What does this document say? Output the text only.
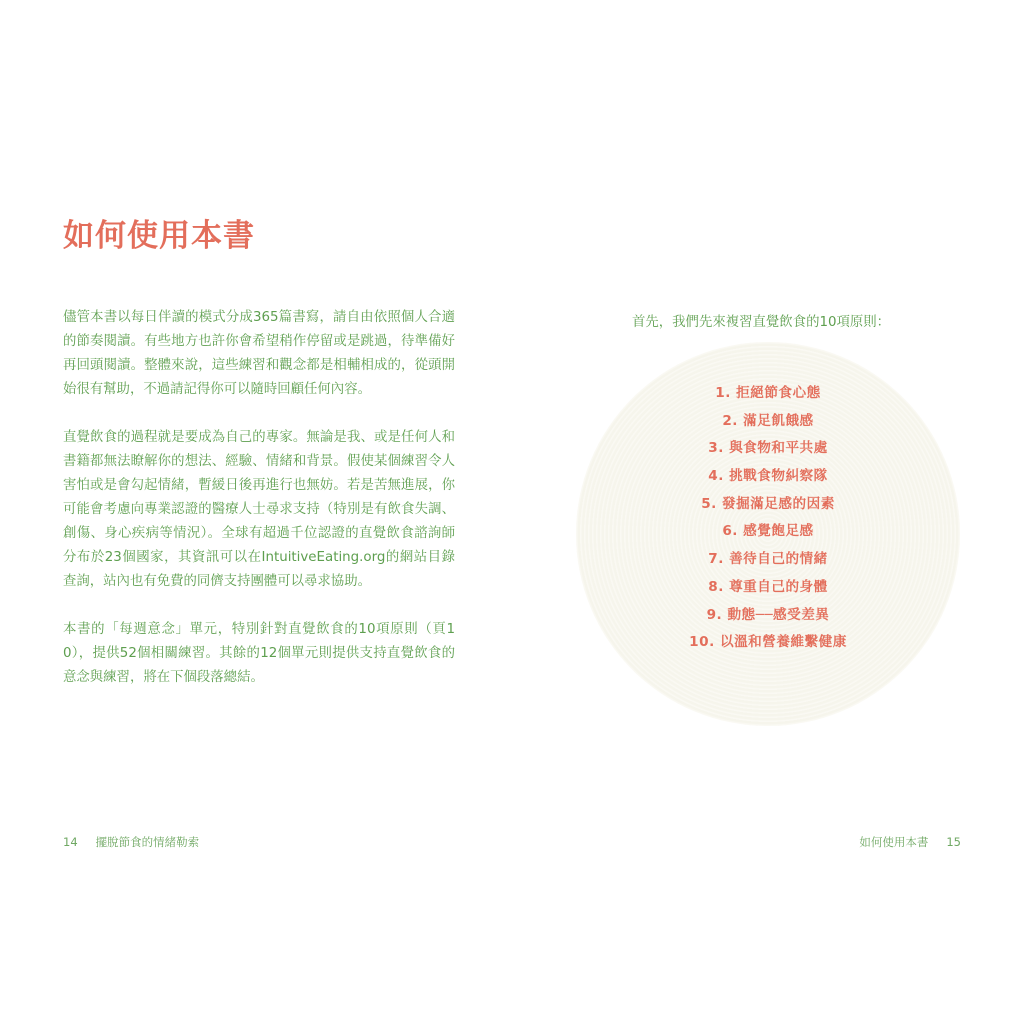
如何使用本書

儘管本書以每日伴讀的模式分成365篇書寫，請自由依照個人合適的節奏閱讀。有些地方也許你會希望稍作停留或是跳過，待準備好再回頭閱讀。整體來說，這些練習和觀念都是相輔相成的，從頭開始很有幫助，不過請記得你可以隨時回顧任何內容。

直覺飲食的過程就是要成為自己的專家。無論是我、或是任何人和書籍都無法瞭解你的想法、經驗、情緒和背景。假使某個練習令人害怕或是會勾起情緒，暫緩日後再進行也無妨。若是苦無進展，你可能會考慮向專業認證的醫療人士尋求支持（特別是有飲食失調、創傷、身心疾病等情況）。全球有超過千位認證的直覺飲食諮詢師分布於23個國家，其資訊可以在IntuitiveEating.org的網站目錄查詢，站內也有免費的同儕支持團體可以尋求協助。

本書的「每週意念」單元，特別針對直覺飲食的10項原則（頁10），提供52個相關練習。其餘的12個單元則提供支持直覺飲食的意念與練習，將在下個段落總結。

14 擺脫節食的情緒勒索
首先，我們先來複習直覺飲食的10項原則：
1. 拒絕節食心態
2. 滿足飢餓感
3. 與食物和平共處
4. 挑戰食物糾察隊
5. 發掘滿足感的因素
6. 感覺飽足感
7. 善待自己的情緒
8. 尊重自己的身體
9. 動態──感受差異
10. 以溫和營養維繫健康
如何使用本書 15
